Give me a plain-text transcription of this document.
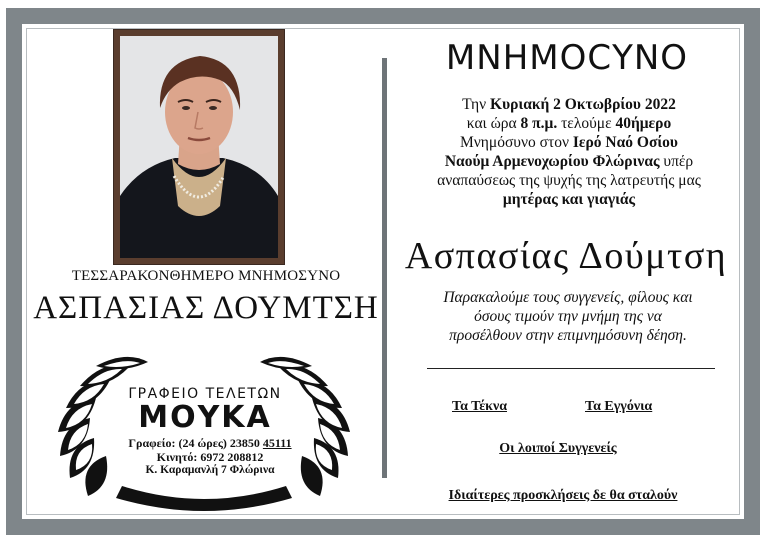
ΤΕΣΣΑΡΑΚΟΝΘΗΜΕΡΟ ΜΝΗΜΟΣΥΝΟ
ΑΣΠΑΣΙΑΣ ΔΟΥΜΤΣΗ
ΓΡΑΦΕΙΟ ΤΕΛΕΤΩΝ
ΜΟΥΚΑ
Γραφείο: (24 ώρες) 23850 45111
Κινητό: 6972 208812
Κ. Καραμανλή 7 Φλώρινα
ΜΝΗΜΟCΥΝΟ
Την Κυριακή 2 Οκτωβρίου 2022
και ώρα 8 π.μ. τελούμε 40ήμερο
Μνημόσυνο στον Ιερό Ναό Οσίου
Ναούμ Αρμενοχωρίου Φλώρινας υπέρ
αναπαύσεως της ψυχής της λατρευτής μας
μητέρας και γιαγιάς
Ασπασίας Δούμτση
Παρακαλούμε τους συγγενείς, φίλους και
όσους τιμούν την μνήμη της να
προσέλθουν στην επιμνημόσυνη δέηση.
Τα Τέκνα	Τα Εγγόνια
Οι λοιποί Συγγενείς
Ιδιαίτερες προσκλήσεις δε θα σταλούν
